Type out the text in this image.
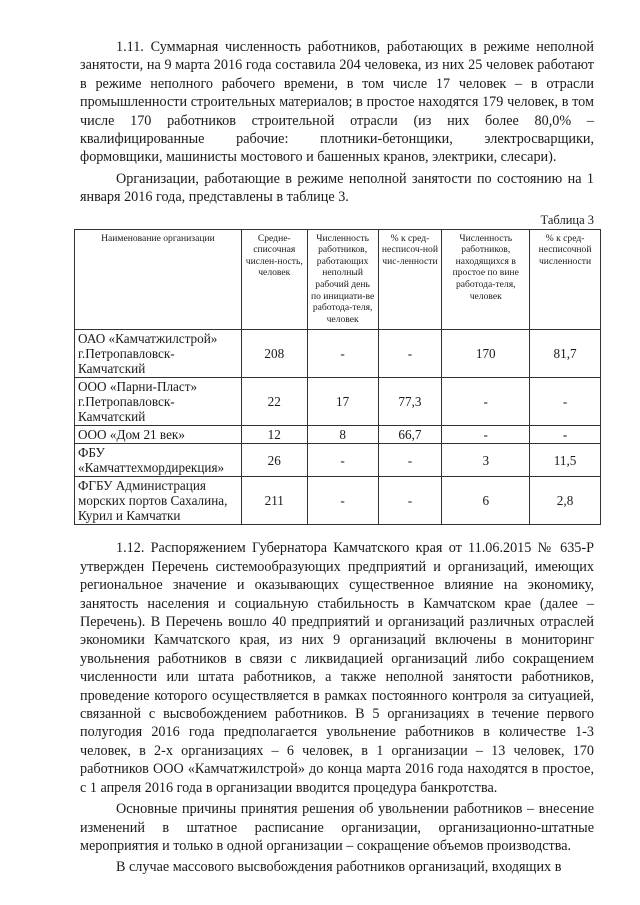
1.11. Суммарная численность работников, работающих в режиме неполной занятости, на 9 марта 2016 года составила 204 человека, из них 25 человек работают в режиме неполного рабочего времени, в том числе 17 человек – в отрасли промышленности строительных материалов; в простое находятся 179 человек, в том числе 170 работников строительной отрасли (из них более 80,0% – квалифицированные рабочие: плотники-бетонщики, электросварщики, формовщики, машинисты мостового и башенных кранов, электрики, слесари).

Организации, работающие в режиме неполной занятости по состоянию на 1 января 2016 года, представлены в таблице 3.

Таблица 3
Наименование организации	Средне-списочная числен-ность, человек	Численность работников, работающих неполный рабочий день по инициати-ве работода-теля, человек	% к сред-несписоч-ной чис-ленности	Численность работников, находящихся в простое по вине работода-теля, человек	% к сред-несписочной численности
ОАО «Камчатжилстрой» г.Петропавловск-Камчатский	208	-	-	170	81,7
ООО «Парни-Пласт» г.Петропавловск-Камчатский	22	17	77,3	-	-
ООО «Дом 21 век»	12	8	66,7	-	-
ФБУ «Камчаттехмордирекция»	26	-	-	3	11,5
ФГБУ Администрация морских портов Сахалина, Курил и Камчатки	211	-	-	6	2,8

1.12. Распоряжением Губернатора Камчатского края от 11.06.2015 № 635-Р утвержден Перечень системообразующих предприятий и организаций, имеющих региональное значение и оказывающих существенное влияние на экономику, занятость населения и социальную стабильность в Камчатском крае (далее – Перечень). В Перечень вошло 40 предприятий и организаций различных отраслей экономики Камчатского края, из них 9 организаций включены в мониторинг увольнения работников в связи с ликвидацией организаций либо сокращением численности или штата работников, а также неполной занятости работников, проведение которого осуществляется в рамках постоянного контроля за ситуацией, связанной с высвобождением работников. В 5 организациях в течение первого полугодия 2016 года предполагается увольнение работников в количестве 1-3 человек, в 2-х организациях – 6 человек, в 1 организации – 13 человек, 170 работников ООО «Камчатжилстрой» до конца марта 2016 года находятся в простое, с 1 апреля 2016 года в организации вводится процедура банкротства.

Основные причины принятия решения об увольнении работников – внесение изменений в штатное расписание организации, организационно-штатные мероприятия и только в одной организации – сокращение объемов производства.

В случае массового высвобождения работников организаций, входящих в
